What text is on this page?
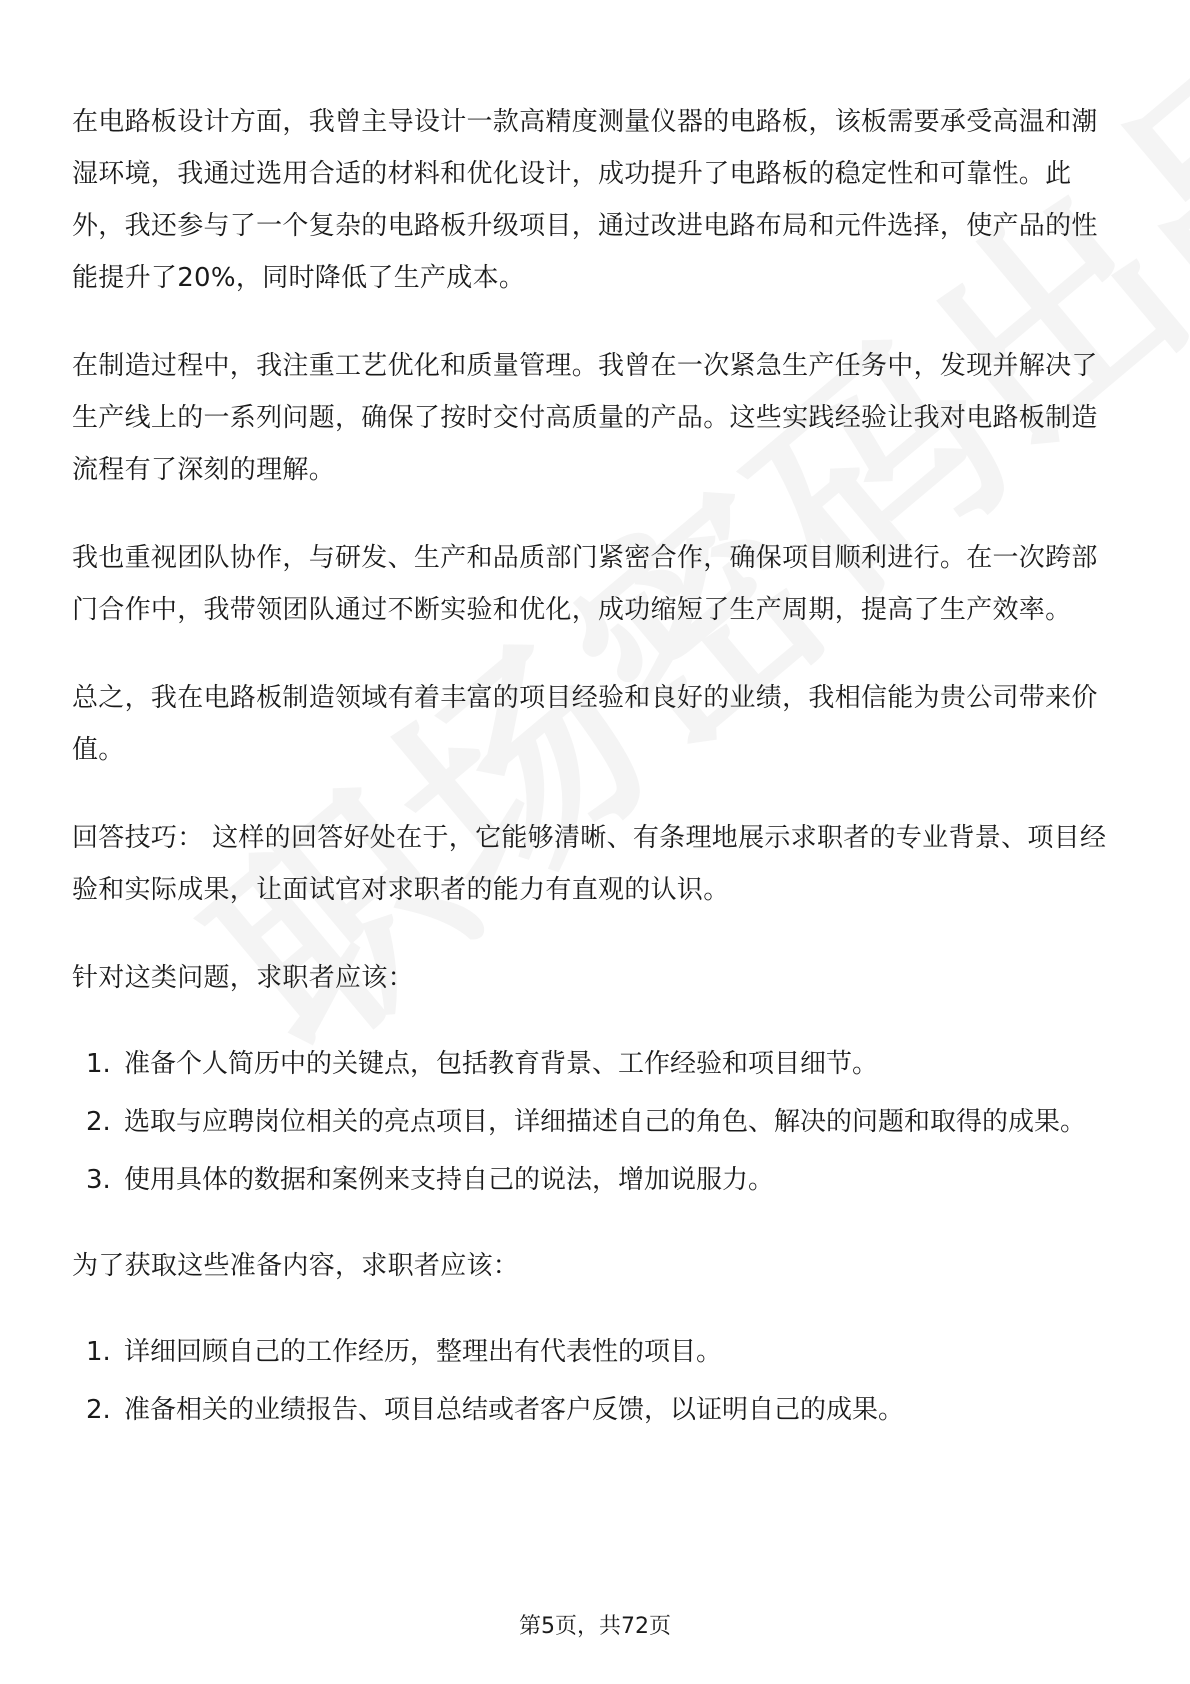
在电路板设计方面，我曾主导设计一款高精度测量仪器的电路板，该板需要承受高温和潮湿环境，我通过选用合适的材料和优化设计，成功提升了电路板的稳定性和可靠性。此外，我还参与了一个复杂的电路板升级项目，通过改进电路布局和元件选择，使产品的性能提升了20%，同时降低了生产成本。

在制造过程中，我注重工艺优化和质量管理。我曾在一次紧急生产任务中，发现并解决了生产线上的一系列问题，确保了按时交付高质量的产品。这些实践经验让我对电路板制造流程有了深刻的理解。

我也重视团队协作，与研发、生产和品质部门紧密合作，确保项目顺利进行。在一次跨部门合作中，我带领团队通过不断实验和优化，成功缩短了生产周期，提高了生产效率。

总之，我在电路板制造领域有着丰富的项目经验和良好的业绩，我相信能为贵公司带来价值。

回答技巧： 这样的回答好处在于，它能够清晰、有条理地展示求职者的专业背景、项目经验和实际成果，让面试官对求职者的能力有直观的认识。

针对这类问题，求职者应该：

1. 准备个人简历中的关键点，包括教育背景、工作经验和项目细节。
2. 选取与应聘岗位相关的亮点项目，详细描述自己的角色、解决的问题和取得的成果。
3. 使用具体的数据和案例来支持自己的说法，增加说服力。

为了获取这些准备内容，求职者应该：

1. 详细回顾自己的工作经历，整理出有代表性的项目。
2. 准备相关的业绩报告、项目总结或者客户反馈，以证明自己的成果。
第5页，共72页
